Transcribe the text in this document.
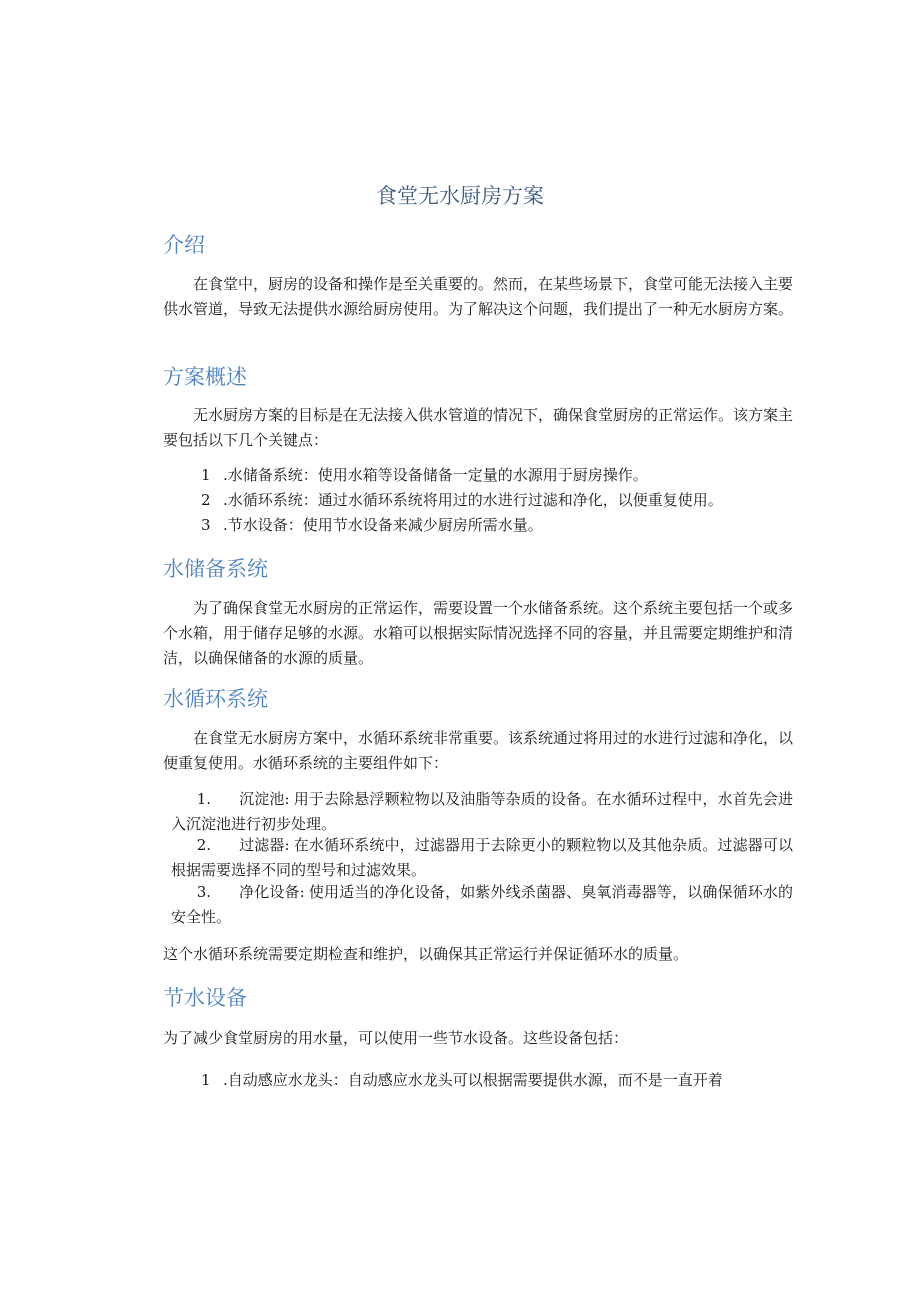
食堂无水厨房方案
介绍

在食堂中，厨房的设备和操作是至关重要的。然而，在某些场景下，食堂可能无法接入主要供水管道，导致无法提供水源给厨房使用。为了解决这个问题，我们提出了一种无水厨房方案。

方案概述

无水厨房方案的目标是在无法接入供水管道的情况下，确保食堂厨房的正常运作。该方案主要包括以下几个关键点：

1 .水储备系统：使用水箱等设备储备一定量的水源用于厨房操作。
2 .水循环系统：通过水循环系统将用过的水进行过滤和净化，以便重复使用。
3 .节水设备：使用节水设备来减少厨房所需水量。
水储备系统

为了确保食堂无水厨房的正常运作，需要设置一个水储备系统。这个系统主要包括一个或多个水箱，用于储存足够的水源。水箱可以根据实际情况选择不同的容量，并且需要定期维护和清洁，以确保储备的水源的质量。

水循环系统

在食堂无水厨房方案中，水循环系统非常重要。该系统通过将用过的水进行过滤和净化，以便重复使用。水循环系统的主要组件如下：

1. 沉淀池: 用于去除悬浮颗粒物以及油脂等杂质的设备。在水循环过程中，水首先会进入沉淀池进行初步处理。

2. 过滤器: 在水循环系统中，过滤器用于去除更小的颗粒物以及其他杂质。过滤器可以根据需要选择不同的型号和过滤效果。

3. 净化设备: 使用适当的净化设备，如紫外线杀菌器、臭氧消毒器等，以确保循环水的安全性。

这个水循环系统需要定期检查和维护，以确保其正常运行并保证循环水的质量。

节水设备

为了减少食堂厨房的用水量，可以使用一些节水设备。这些设备包括：

1 .自动感应水龙头：自动感应水龙头可以根据需要提供水源，而不是一直开着
